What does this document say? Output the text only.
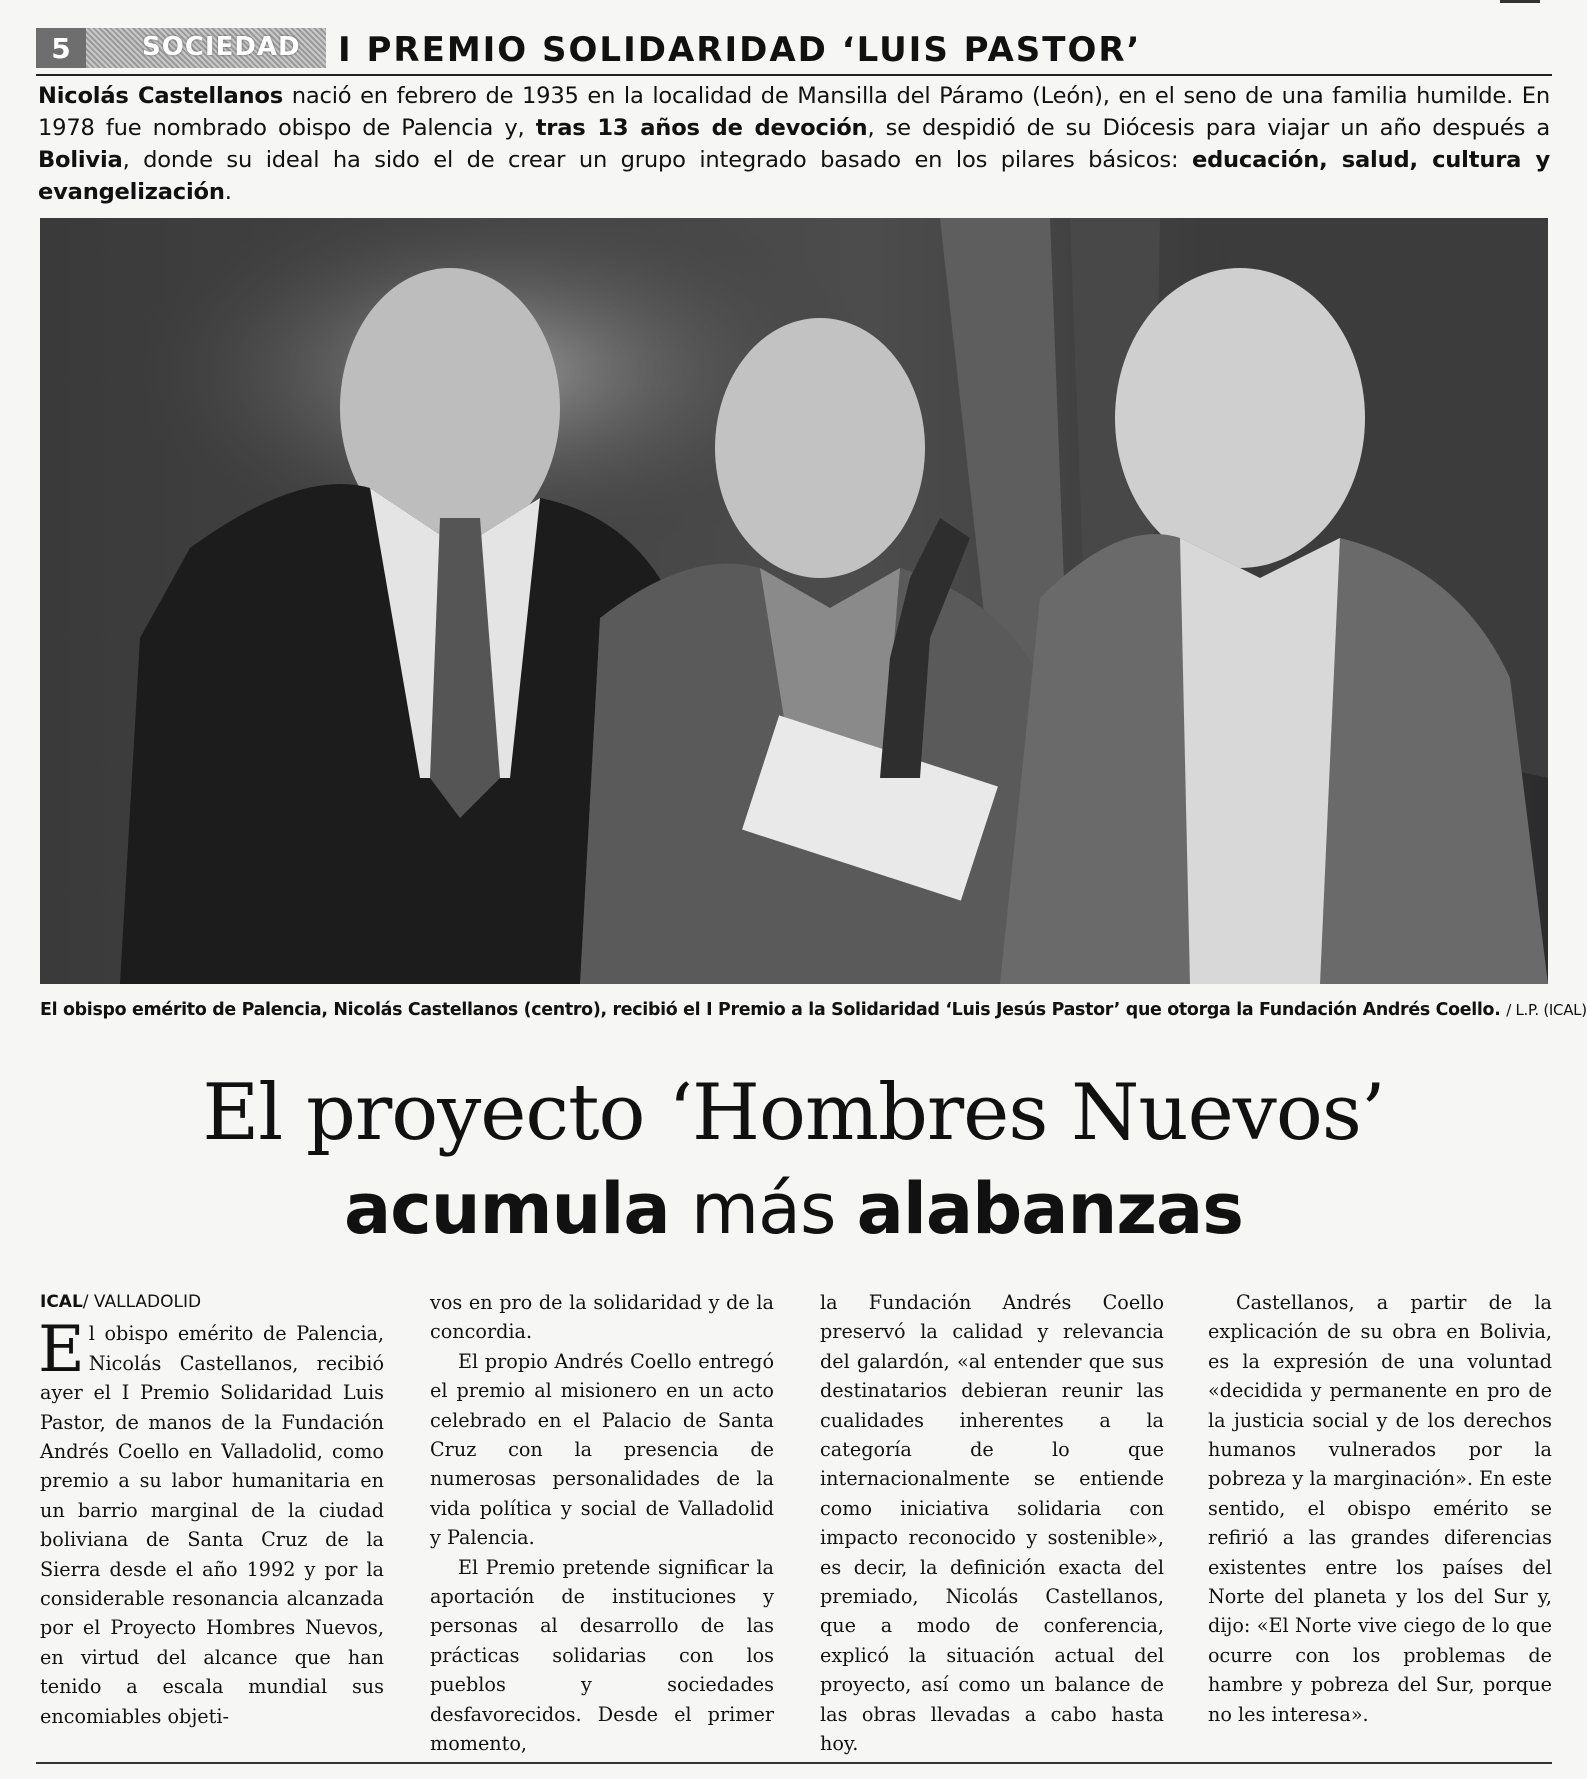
5	SOCIEDAD I PREMIO SOLIDARIDAD ‘LUIS PASTOR’
Nicolás Castellanos nació en febrero de 1935 en la localidad de Mansilla del Páramo (León), en el seno de una familia humilde. En 1978 fue nombrado obispo de Palencia y, tras 13 años de devoción, se despidió de su Diócesis para viajar un año después a Bolivia, donde su ideal ha sido el de crear un grupo integrado basado en los pilares básicos: educación, salud, cultura y evangelización.
El obispo emérito de Palencia, Nicolás Castellanos (centro), recibió el I Premio a la Solidaridad ‘Luis Jesús Pastor’ que otorga la Fundación Andrés Coello. / L.P. (ICAL)
El proyecto ‘Hombres Nuevos’
acumula más alabanzas
ICAL/ VALLADOLID

El obispo emérito de Palencia, Nicolás Castellanos, recibió ayer el I Premio Solidaridad Luis Pastor, de manos de la Fundación Andrés Coello en Valladolid, como premio a su labor humanitaria en un barrio marginal de la ciudad boliviana de Santa Cruz de la Sierra desde el año 1992 y por la considerable resonancia alcanzada por el Proyecto Hombres Nuevos, en virtud del alcance que han tenido a escala mundial sus encomiables objeti-

vos en pro de la solidaridad y de la concordia.

El propio Andrés Coello entregó el premio al misionero en un acto celebrado en el Palacio de Santa Cruz con la presencia de numerosas personalidades de la vida política y social de Valladolid y Palencia.

El Premio pretende significar la aportación de instituciones y personas al desarrollo de las prácticas solidarias con los pueblos y sociedades desfavorecidos. Desde el primer momento,

la Fundación Andrés Coello preservó la calidad y relevancia del galardón, «al entender que sus destinatarios debieran reunir las cualidades inherentes a la categoría de lo que internacionalmente se entiende como iniciativa solidaria con impacto reconocido y sostenible», es decir, la definición exacta del premiado, Nicolás Castellanos, que a modo de conferencia, explicó la situación actual del proyecto, así como un balance de las obras llevadas a cabo hasta hoy.

Castellanos, a partir de la explicación de su obra en Bolivia, es la expresión de una voluntad «decidida y permanente en pro de la justicia social y de los derechos humanos vulnerados por la pobreza y la marginación». En este sentido, el obispo emérito se refirió a las grandes diferencias existentes entre los países del Norte del planeta y los del Sur y, dijo: «El Norte vive ciego de lo que ocurre con los problemas de hambre y pobreza del Sur, porque no les interesa».
